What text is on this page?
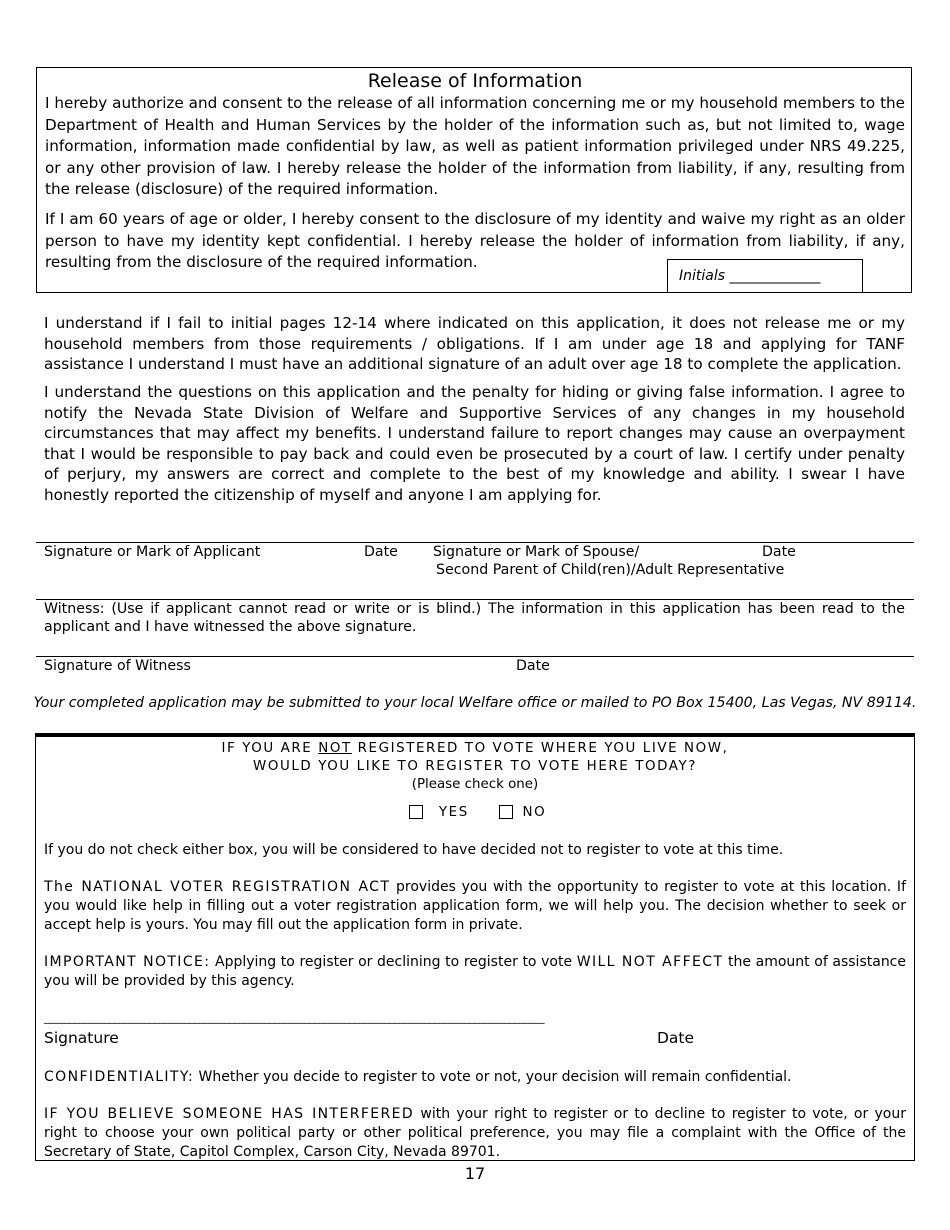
Release of Information
I hereby authorize and consent to the release of all information concerning me or my household members to the Department of Health and Human Services by the holder of the information such as, but not limited to, wage information, information made confidential by law, as well as patient information privileged under NRS 49.225, or any other provision of law. I hereby release the holder of the information from liability, if any, resulting from the release (disclosure) of the required information.
If I am 60 years of age or older, I hereby consent to the disclosure of my identity and waive my right as an older person to have my identity kept confidential. I hereby release the holder of information from liability, if any, resulting from the disclosure of the required information.
Initials _____________
I understand if I fail to initial pages 12-14 where indicated on this application, it does not release me or my household members from those requirements / obligations. If I am under age 18 and applying for TANF assistance I understand I must have an additional signature of an adult over age 18 to complete the application.
I understand the questions on this application and the penalty for hiding or giving false information. I agree to notify the Nevada State Division of Welfare and Supportive Services of any changes in my household circumstances that may affect my benefits. I understand failure to report changes may cause an overpayment that I would be responsible to pay back and could even be prosecuted by a court of law. I certify under penalty of perjury, my answers are correct and complete to the best of my knowledge and ability. I swear I have honestly reported the citizenship of myself and anyone I am applying for.
Signature or Mark of Applicant	Date Signature or Mark of Spouse/	Date
Second Parent of Child(ren)/Adult Representative
Witness: (Use if applicant cannot read or write or is blind.) The information in this application has been read to the applicant and I have witnessed the above signature.
Signature of Witness	Date
Your completed application may be submitted to your local Welfare office or mailed to PO Box 15400, Las Vegas, NV 89114.
IF YOU ARE NOT REGISTERED TO VOTE WHERE YOU LIVE NOW,
WOULD YOU LIKE TO REGISTER TO VOTE HERE TODAY?
(Please check one)
YES	NO
If you do not check either box, you will be considered to have decided not to register to vote at this time.
The NATIONAL VOTER REGISTRATION ACT provides you with the opportunity to register to vote at this location. If you would like help in filling out a voter registration application form, we will help you. The decision whether to seek or accept help is yours. You may fill out the application form in private.
IMPORTANT NOTICE: Applying to register or declining to register to vote WILL NOT AFFECT the amount of assistance you will be provided by this agency.
____________________________________________________________________________________________________
Signature	Date
CONFIDENTIALITY: Whether you decide to register to vote or not, your decision will remain confidential.
IF YOU BELIEVE SOMEONE HAS INTERFERED with your right to register or to decline to register to vote, or your right to choose your own political party or other political preference, you may file a complaint with the Office of the Secretary of State, Capitol Complex, Carson City, Nevada 89701.
17
